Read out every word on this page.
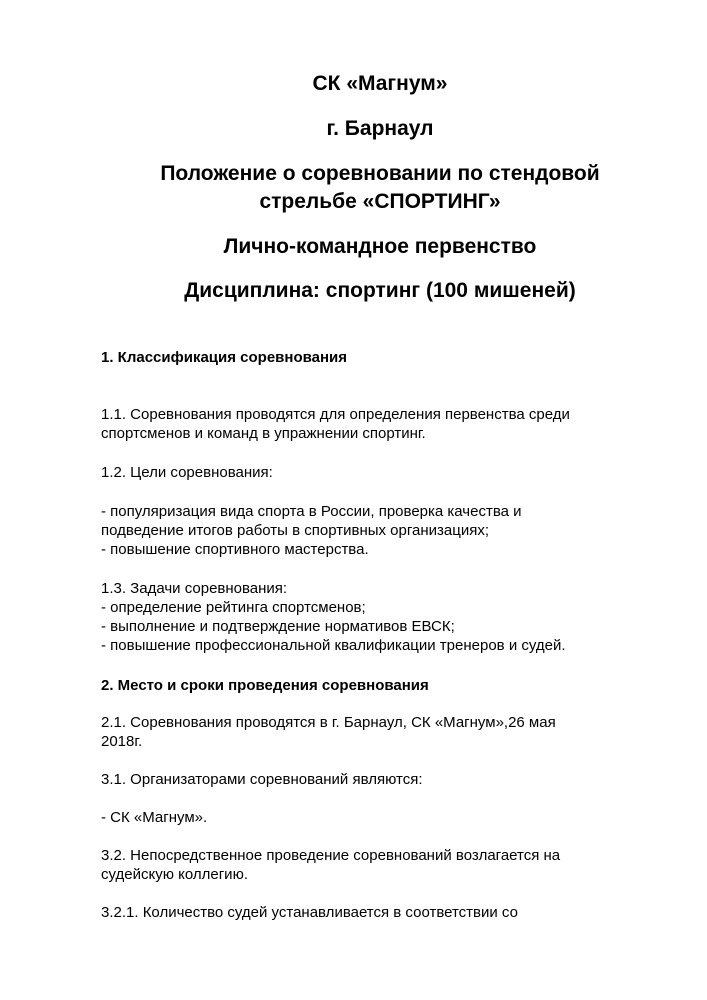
СК «Магнум»
г. Барнаул
Положение о соревновании по стендовой
стрельбе «СПОРТИНГ»
Лично-командное первенство
Дисциплина: спортинг (100 мишеней)

1. Классификация соревнования

1.1. Соревнования проводятся для определения первенства среди
спортсменов и команд в упражнении спортинг.

1.2. Цели соревнования:

- популяризация вида спорта в России, проверка качества и
подведение итогов работы в спортивных организациях;
- повышение спортивного мастерства.

1.3. Задачи соревнования:
- определение рейтинга спортсменов;
- выполнение и подтверждение нормативов ЕВСК;
- повышение профессиональной квалификации тренеров и судей.

2. Место и сроки проведения соревнования

2.1. Соревнования проводятся в г. Барнаул, СК «Магнум»,26 мая
2018г.

3.1. Организаторами соревнований являются:

- СК «Магнум».

3.2. Непосредственное проведение соревнований возлагается на
судейскую коллегию.

3.2.1. Количество судей устанавливается в соответствии со
